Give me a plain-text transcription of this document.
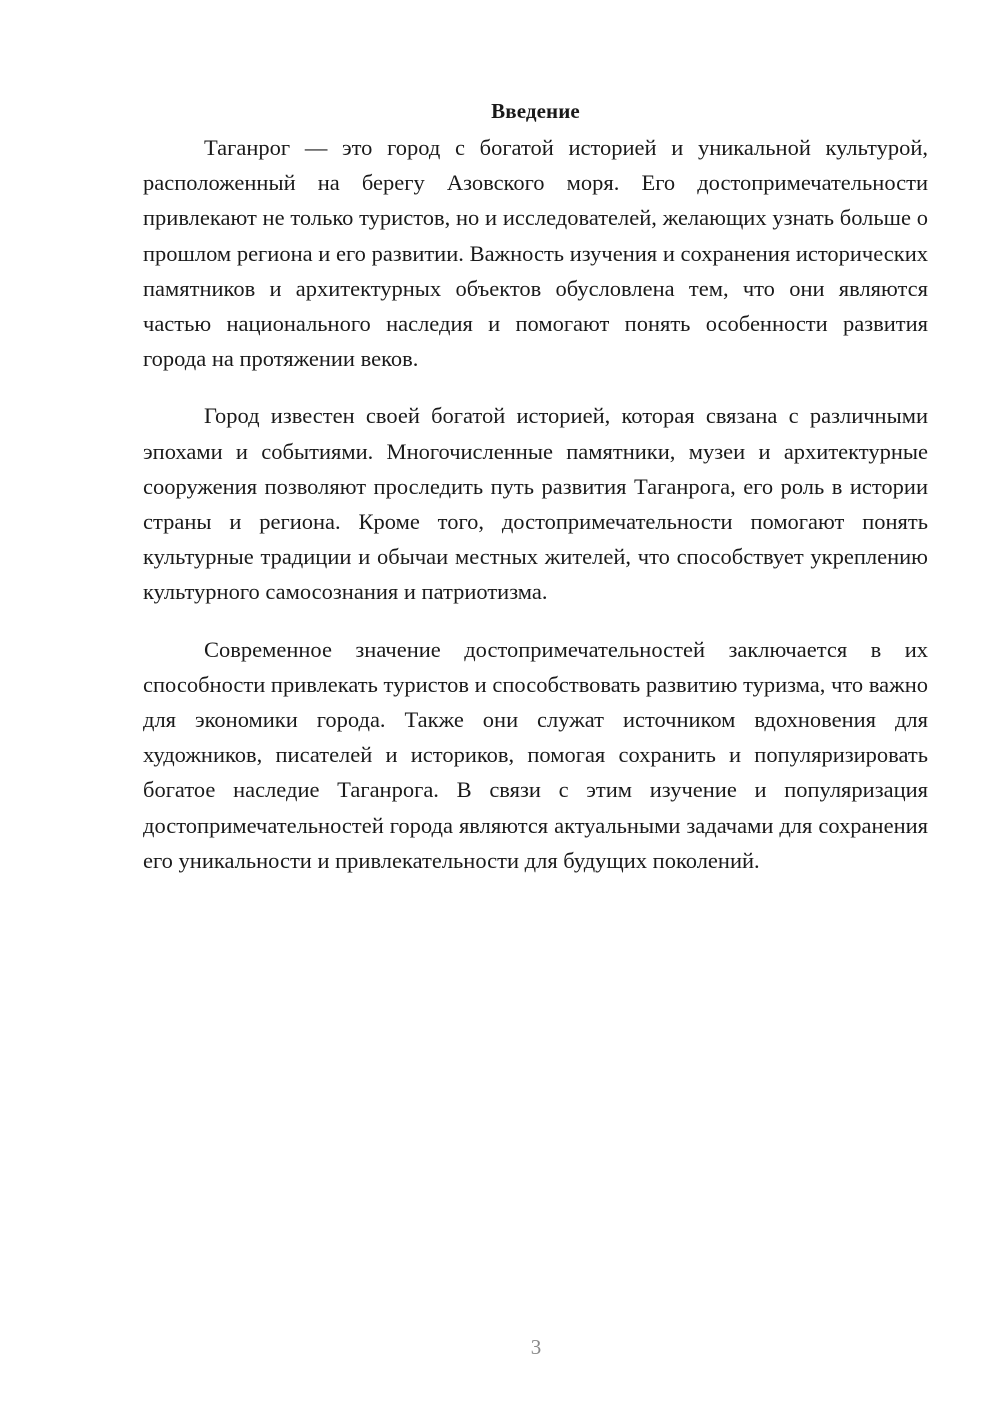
Введение

Таганрог — это город с богатой историей и уникальной культурой, расположенный на берегу Азовского моря. Его достопримечательности привлекают не только туристов, но и исследователей, желающих узнать больше о прошлом региона и его развитии. Важность изучения и сохранения исторических памятников и архитектурных объектов обусловлена тем, что они являются частью национального наследия и помогают понять особенности развития города на протяжении веков.

Город известен своей богатой историей, которая связана с различными эпохами и событиями. Многочисленные памятники, музеи и архитектурные сооружения позволяют проследить путь развития Таганрога, его роль в истории страны и региона. Кроме того, достопримечательности помогают понять культурные традиции и обычаи местных жителей, что способствует укреплению культурного самосознания и патриотизма.

Современное значение достопримечательностей заключается в их способности привлекать туристов и способствовать развитию туризма, что важно для экономики города. Также они служат источником вдохновения для художников, писателей и историков, помогая сохранить и популяризировать богатое наследие Таганрога. В связи с этим изучение и популяризация достопримечательностей города являются актуальными задачами для сохранения его уникальности и привлекательности для будущих поколений.

3
